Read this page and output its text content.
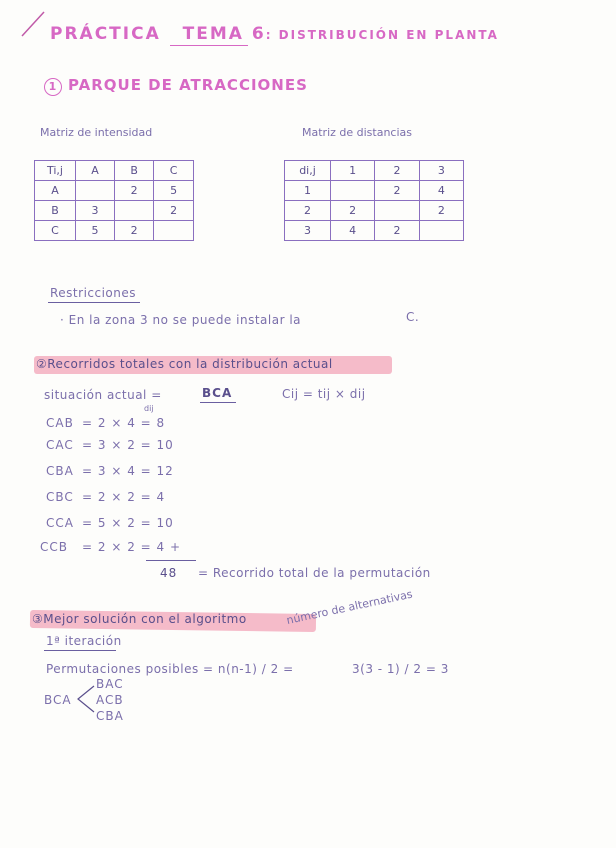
PRÁCTICA TEMA 6: DISTRIBUCIÓN EN PLANTA
1 PARQUE DE ATRACCIONES
Matriz de intensidad	Matriz de distancias
Ti,j	A	B	C
A		2	5
B	3		2
C	5	2	
di,j	1	2	3
1		2	4
2	2		2
3	4	2	
Restricciones
· En la zona 3 no se puede instalar la	C.
②Recorridos totales con la distribución actual
situación actual =	BCA	Cij = tij × dij
dij
CAB = 2 × 4 = 8
CAC = 3 × 2 = 10
CBA = 3 × 4 = 12
CBC = 2 × 2 = 4
CCA = 5 × 2 = 10
CCB = 2 × 2 = 4 +
48 = Recorrido total de la permutación
③Mejor solución con el algoritmo	número de alternativas
1ª iteración
Permutaciones posibles = n(n-1) / 2 =	3(3 - 1) / 2 = 3
BCA
BAC
ACB
CBA
